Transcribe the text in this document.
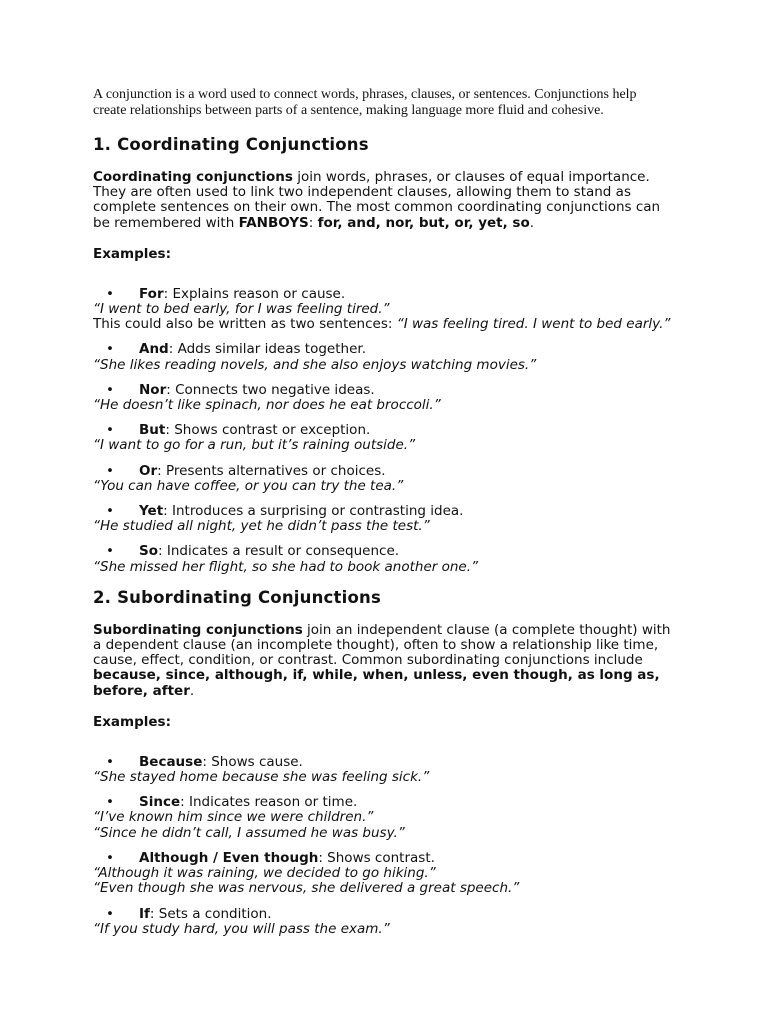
A conjunction is a word used to connect words, phrases, clauses, or sentences. Conjunctions help create relationships between parts of a sentence, making language more fluid and cohesive.

1. Coordinating Conjunctions

Coordinating conjunctions join words, phrases, or clauses of equal importance. They are often used to link two independent clauses, allowing them to stand as complete sentences on their own. The most common coordinating conjunctions can be remembered with FANBOYS: for, and, nor, but, or, yet, so.

Examples:
• For: Explains reason or cause.
“I went to bed early, for I was feeling tired.”
This could also be written as two sentences: “I was feeling tired. I went to bed early.”
• And: Adds similar ideas together.
“She likes reading novels, and she also enjoys watching movies.”
• Nor: Connects two negative ideas.
“He doesn’t like spinach, nor does he eat broccoli.”
• But: Shows contrast or exception.
“I want to go for a run, but it’s raining outside.”
• Or: Presents alternatives or choices.
“You can have coffee, or you can try the tea.”
• Yet: Introduces a surprising or contrasting idea.
“He studied all night, yet he didn’t pass the test.”
• So: Indicates a result or consequence.
“She missed her flight, so she had to book another one.”
2. Subordinating Conjunctions

Subordinating conjunctions join an independent clause (a complete thought) with a dependent clause (an incomplete thought), often to show a relationship like time, cause, effect, condition, or contrast. Common subordinating conjunctions include because, since, although, if, while, when, unless, even though, as long as, before, after.

Examples:
• Because: Shows cause.
“She stayed home because she was feeling sick.”
• Since: Indicates reason or time.
“I’ve known him since we were children.”
“Since he didn’t call, I assumed he was busy.”
• Although / Even though: Shows contrast.
“Although it was raining, we decided to go hiking.”
“Even though she was nervous, she delivered a great speech.”
• If: Sets a condition.
“If you study hard, you will pass the exam.”
